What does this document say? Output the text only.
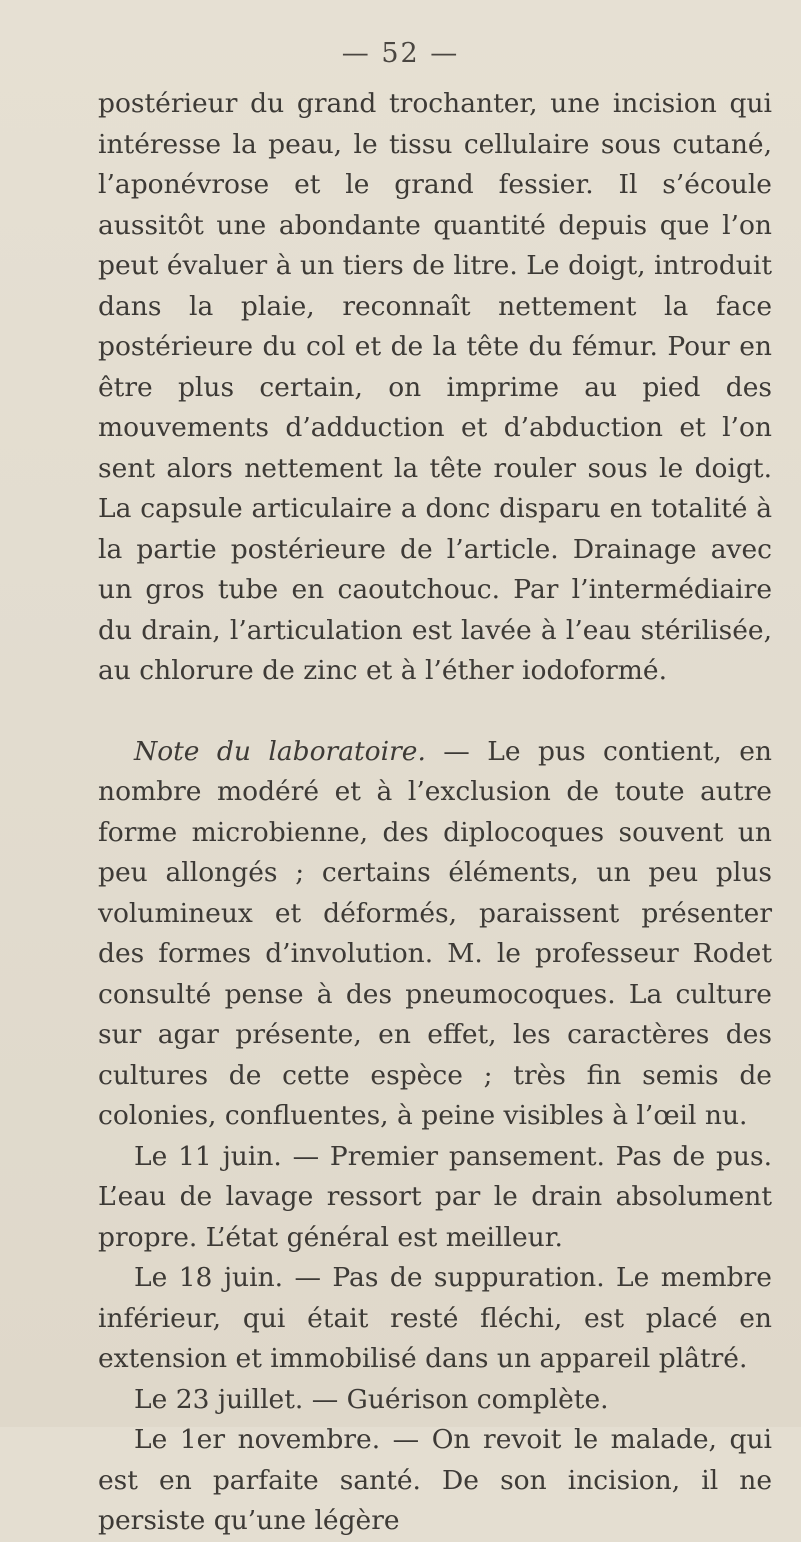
— 52 —

postérieur du grand trochanter, une incision qui intéresse la peau, le tissu cellulaire sous cutané, l’aponévrose et le grand fessier. Il s’écoule aussitôt une abondante quantité depuis que l’on peut évaluer à un tiers de litre. Le doigt, introduit dans la plaie, reconnaît nettement la face postérieure du col et de la tête du fémur. Pour en être plus certain, on imprime au pied des mouvements d’adduction et d’abduction et l’on sent alors nettement la tête rouler sous le doigt. La capsule articulaire a donc disparu en totalité à la partie postérieure de l’article. Drainage avec un gros tube en caoutchouc. Par l’intermédiaire du drain, l’articulation est lavée à l’eau stérilisée, au chlorure de zinc et à l’éther iodoformé.

Note du laboratoire. — Le pus contient, en nombre modéré et à l’exclusion de toute autre forme microbienne, des diplocoques souvent un peu allongés ; certains éléments, un peu plus volumineux et déformés, paraissent présenter des formes d’involution. M. le professeur Rodet consulté pense à des pneumocoques. La culture sur agar présente, en effet, les caractères des cultures de cette espèce ; très fin semis de colonies, confluentes, à peine visibles à l’œil nu.

Le 11 juin. — Premier pansement. Pas de pus. L’eau de lavage ressort par le drain absolument propre. L’état général est meilleur.

Le 18 juin. — Pas de suppuration. Le membre inférieur, qui était resté fléchi, est placé en extension et immobilisé dans un appareil plâtré.

Le 23 juillet. — Guérison complète.

Le 1er novembre. — On revoit le malade, qui est en parfaite santé. De son incision, il ne persiste qu’une légère
